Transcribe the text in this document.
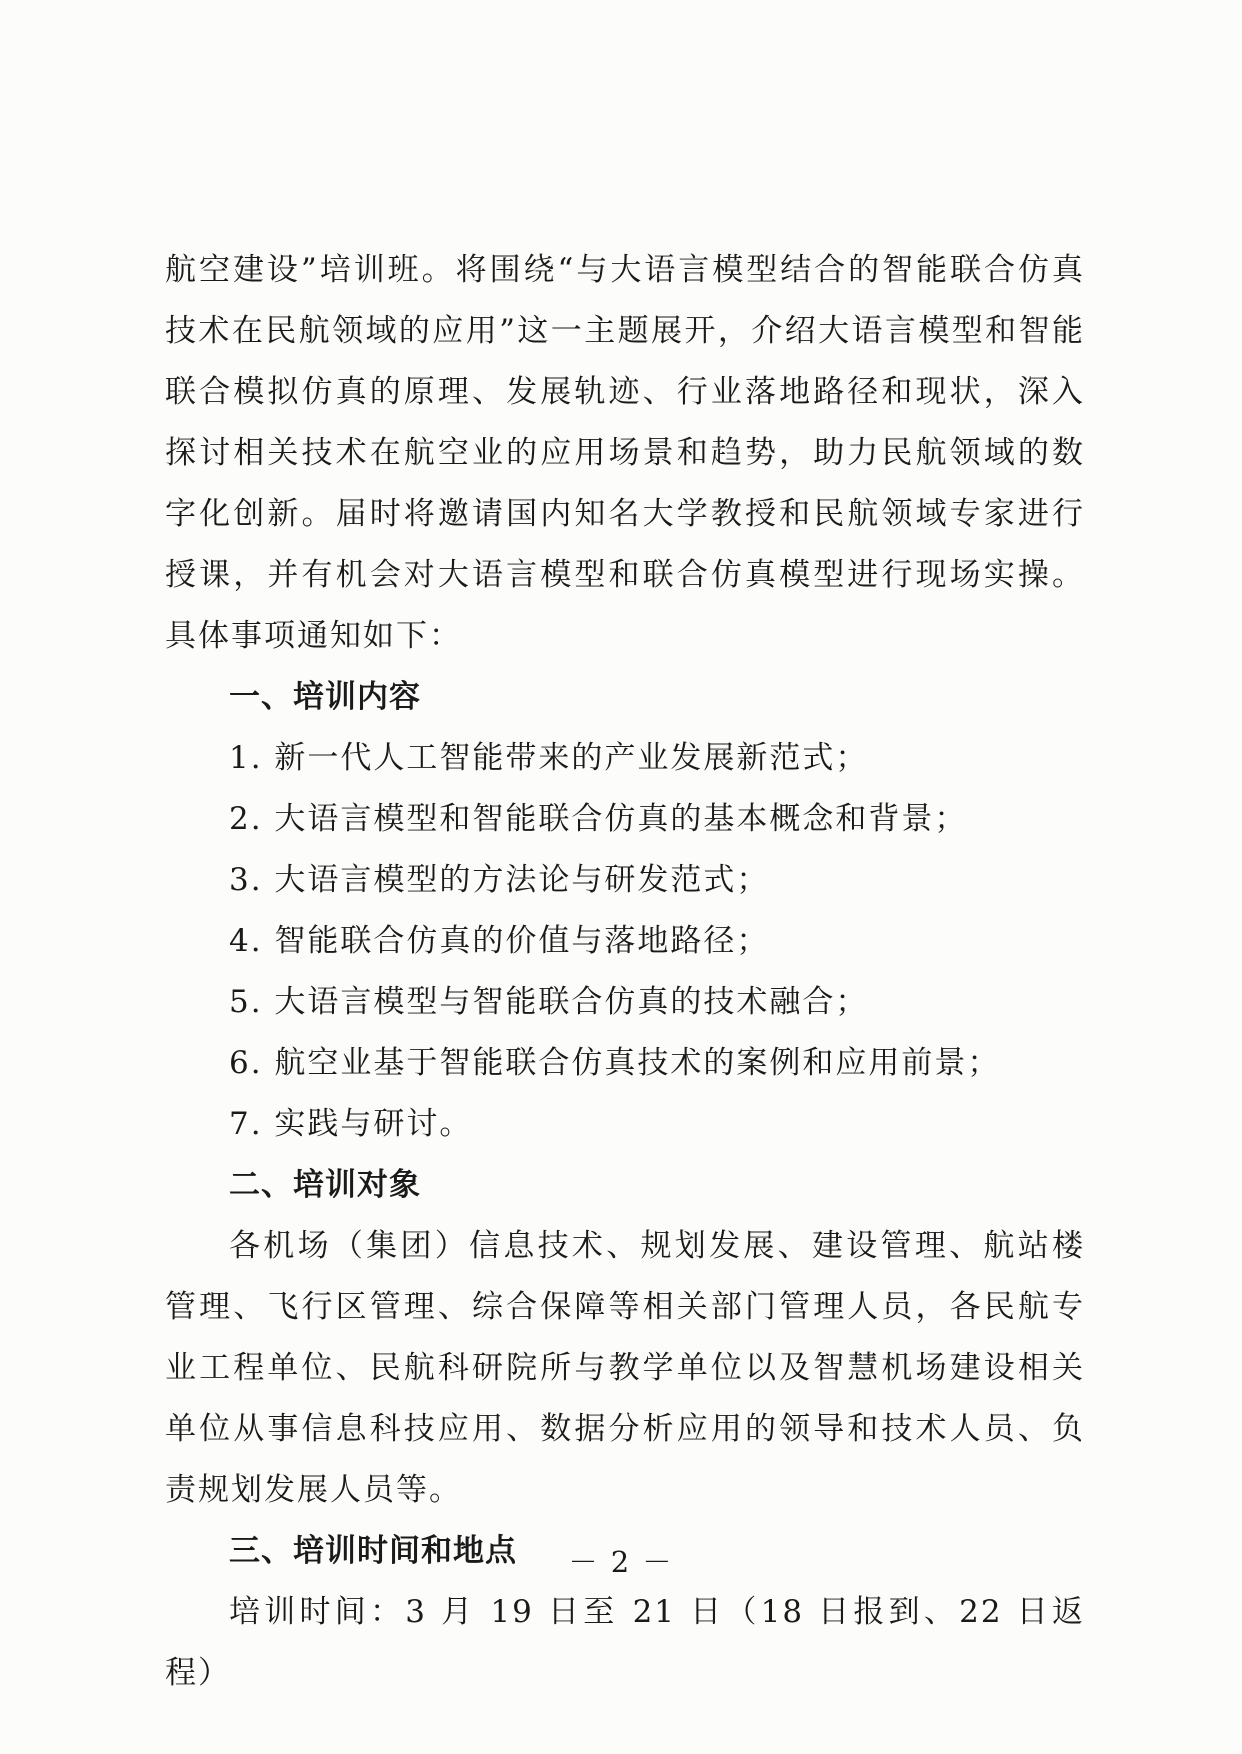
航空建设”培训班。将围绕“与大语言模型结合的智能联合仿真技术在民航领域的应用”这一主题展开，介绍大语言模型和智能联合模拟仿真的原理、发展轨迹、行业落地路径和现状，深入探讨相关技术在航空业的应用场景和趋势，助力民航领域的数字化创新。届时将邀请国内知名大学教授和民航领域专家进行授课，并有机会对大语言模型和联合仿真模型进行现场实操。具体事项通知如下：

一、培训内容

1. 新一代人工智能带来的产业发展新范式；
2. 大语言模型和智能联合仿真的基本概念和背景；
3. 大语言模型的方法论与研发范式；
4. 智能联合仿真的价值与落地路径；
5. 大语言模型与智能联合仿真的技术融合；
6. 航空业基于智能联合仿真技术的案例和应用前景；
7. 实践与研讨。

二、培训对象

各机场（集团）信息技术、规划发展、建设管理、航站楼管理、飞行区管理、综合保障等相关部门管理人员，各民航专业工程单位、民航科研院所与教学单位以及智慧机场建设相关单位从事信息科技应用、数据分析应用的领导和技术人员、负责规划发展人员等。

三、培训时间和地点

培训时间：3 月 19 日至 21 日（18 日报到、22 日返程）

－ 2 －
